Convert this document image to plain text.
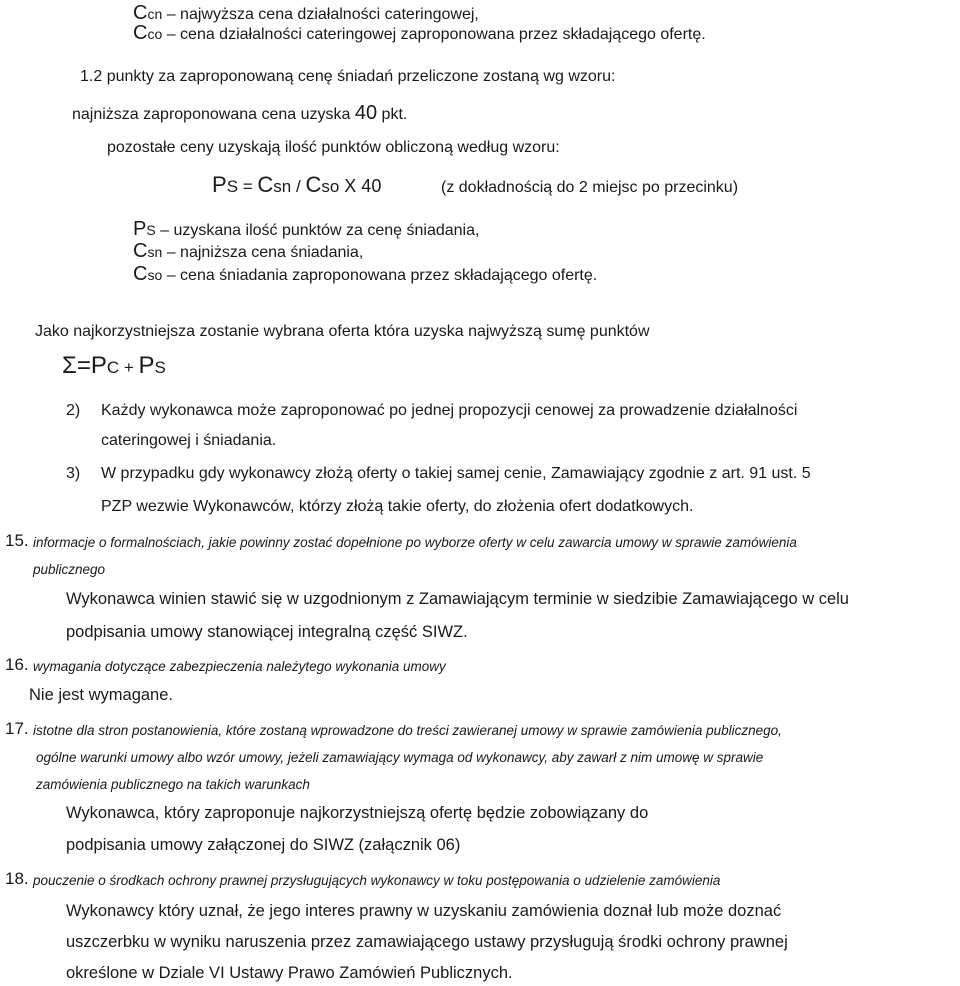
Ccn – najwyższa cena działalności cateringowej,
Cco – cena działalności cateringowej zaproponowana przez składającego ofertę.
1.2 punkty za zaproponowaną cenę śniadań przeliczone zostaną wg wzoru:
najniższa zaproponowana cena uzyska 40 pkt.
pozostałe ceny uzyskają ilość punktów obliczoną według wzoru:
PS = Csn / Cso X 40	(z dokładnością do 2 miejsc po przecinku)
PS – uzyskana ilość punktów za cenę śniadania,
Csn – najniższa cena śniadania,
Cso – cena śniadania zaproponowana przez składającego ofertę.
Jako najkorzystniejsza zostanie wybrana oferta która uzyska najwyższą sumę punktów
Σ=PC + PS
2) Każdy wykonawca może zaproponować po jednej propozycji cenowej za prowadzenie działalności
cateringowej i śniadania.
3) W przypadku gdy wykonawcy złożą oferty o takiej samej cenie, Zamawiający zgodnie z art. 91 ust. 5
PZP wezwie Wykonawców, którzy złożą takie oferty, do złożenia ofert dodatkowych.
15. informacje o formalnościach, jakie powinny zostać dopełnione po wyborze oferty w celu zawarcia umowy w sprawie zamówienia
publicznego
Wykonawca winien stawić się w uzgodnionym z Zamawiającym terminie w siedzibie Zamawiającego w celu
podpisania umowy stanowiącej integralną część SIWZ.
16. wymagania dotyczące zabezpieczenia należytego wykonania umowy
Nie jest wymagane.
17. istotne dla stron postanowienia, które zostaną wprowadzone do treści zawieranej umowy w sprawie zamówienia publicznego,
ogólne warunki umowy albo wzór umowy, jeżeli zamawiający wymaga od wykonawcy, aby zawarł z nim umowę w sprawie
zamówienia publicznego na takich warunkach
Wykonawca, który zaproponuje najkorzystniejszą ofertę będzie zobowiązany do
podpisania umowy załączonej do SIWZ (załącznik 06)
18. pouczenie o środkach ochrony prawnej przysługujących wykonawcy w toku postępowania o udzielenie zamówienia
Wykonawcy który uznał, że jego interes prawny w uzyskaniu zamówienia doznał lub może doznać
uszczerbku w wyniku naruszenia przez zamawiającego ustawy przysługują środki ochrony prawnej
określone w Dziale VI Ustawy Prawo Zamówień Publicznych.
